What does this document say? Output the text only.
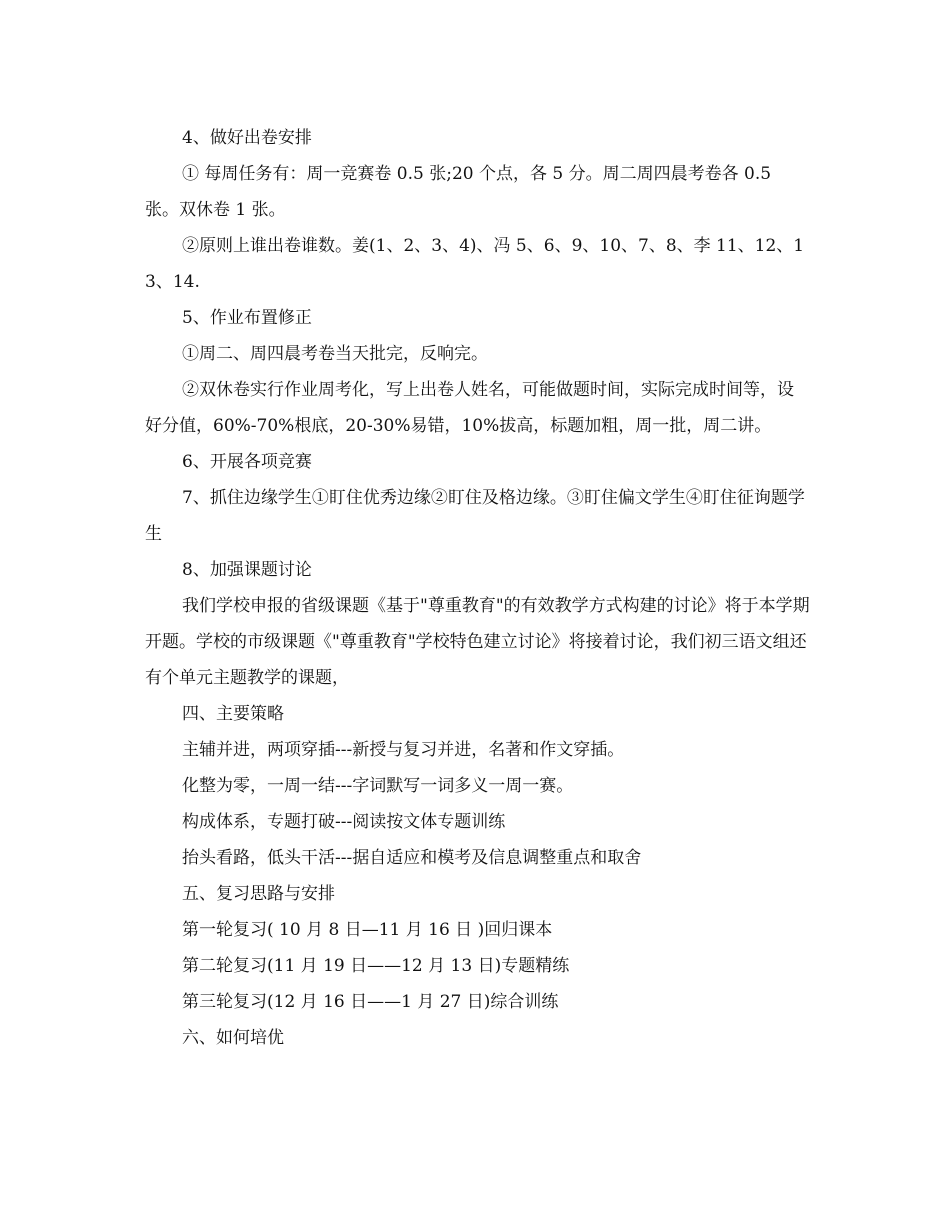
4、做好出卷安排

① 每周任务有：周一竞赛卷 0.5 张;20 个点，各 5 分。周二周四晨考卷各 0.5 张。双休卷 1 张。

②原则上谁出卷谁数。姜(1、2、3、4)、冯 5、6、9、10、7、8、李 11、12、13、14.

5、作业布置修正

①周二、周四晨考卷当天批完，反响完。

②双休卷实行作业周考化，写上出卷人姓名，可能做题时间，实际完成时间等，设好分值，60%-70%根底，20-30%易错，10%拔高，标题加粗，周一批，周二讲。

6、开展各项竞赛

7、抓住边缘学生①盯住优秀边缘②盯住及格边缘。③盯住偏文学生④盯住征询题学生

8、加强课题讨论

我们学校申报的省级课题《基于"尊重教育"的有效教学方式构建的讨论》将于本学期开题。学校的市级课题《"尊重教育"学校特色建立讨论》将接着讨论，我们初三语文组还有个单元主题教学的课题，

四、主要策略

主辅并进，两项穿插---新授与复习并进，名著和作文穿插。

化整为零，一周一结---字词默写一词多义一周一赛。

构成体系，专题打破---阅读按文体专题训练

抬头看路，低头干活---据自适应和模考及信息调整重点和取舍

五、复习思路与安排

第一轮复习( 10 月 8 日—11 月 16 日 )回归课本

第二轮复习(11 月 19 日——12 月 13 日)专题精练

第三轮复习(12 月 16 日——1 月 27 日)综合训练

六、如何培优
